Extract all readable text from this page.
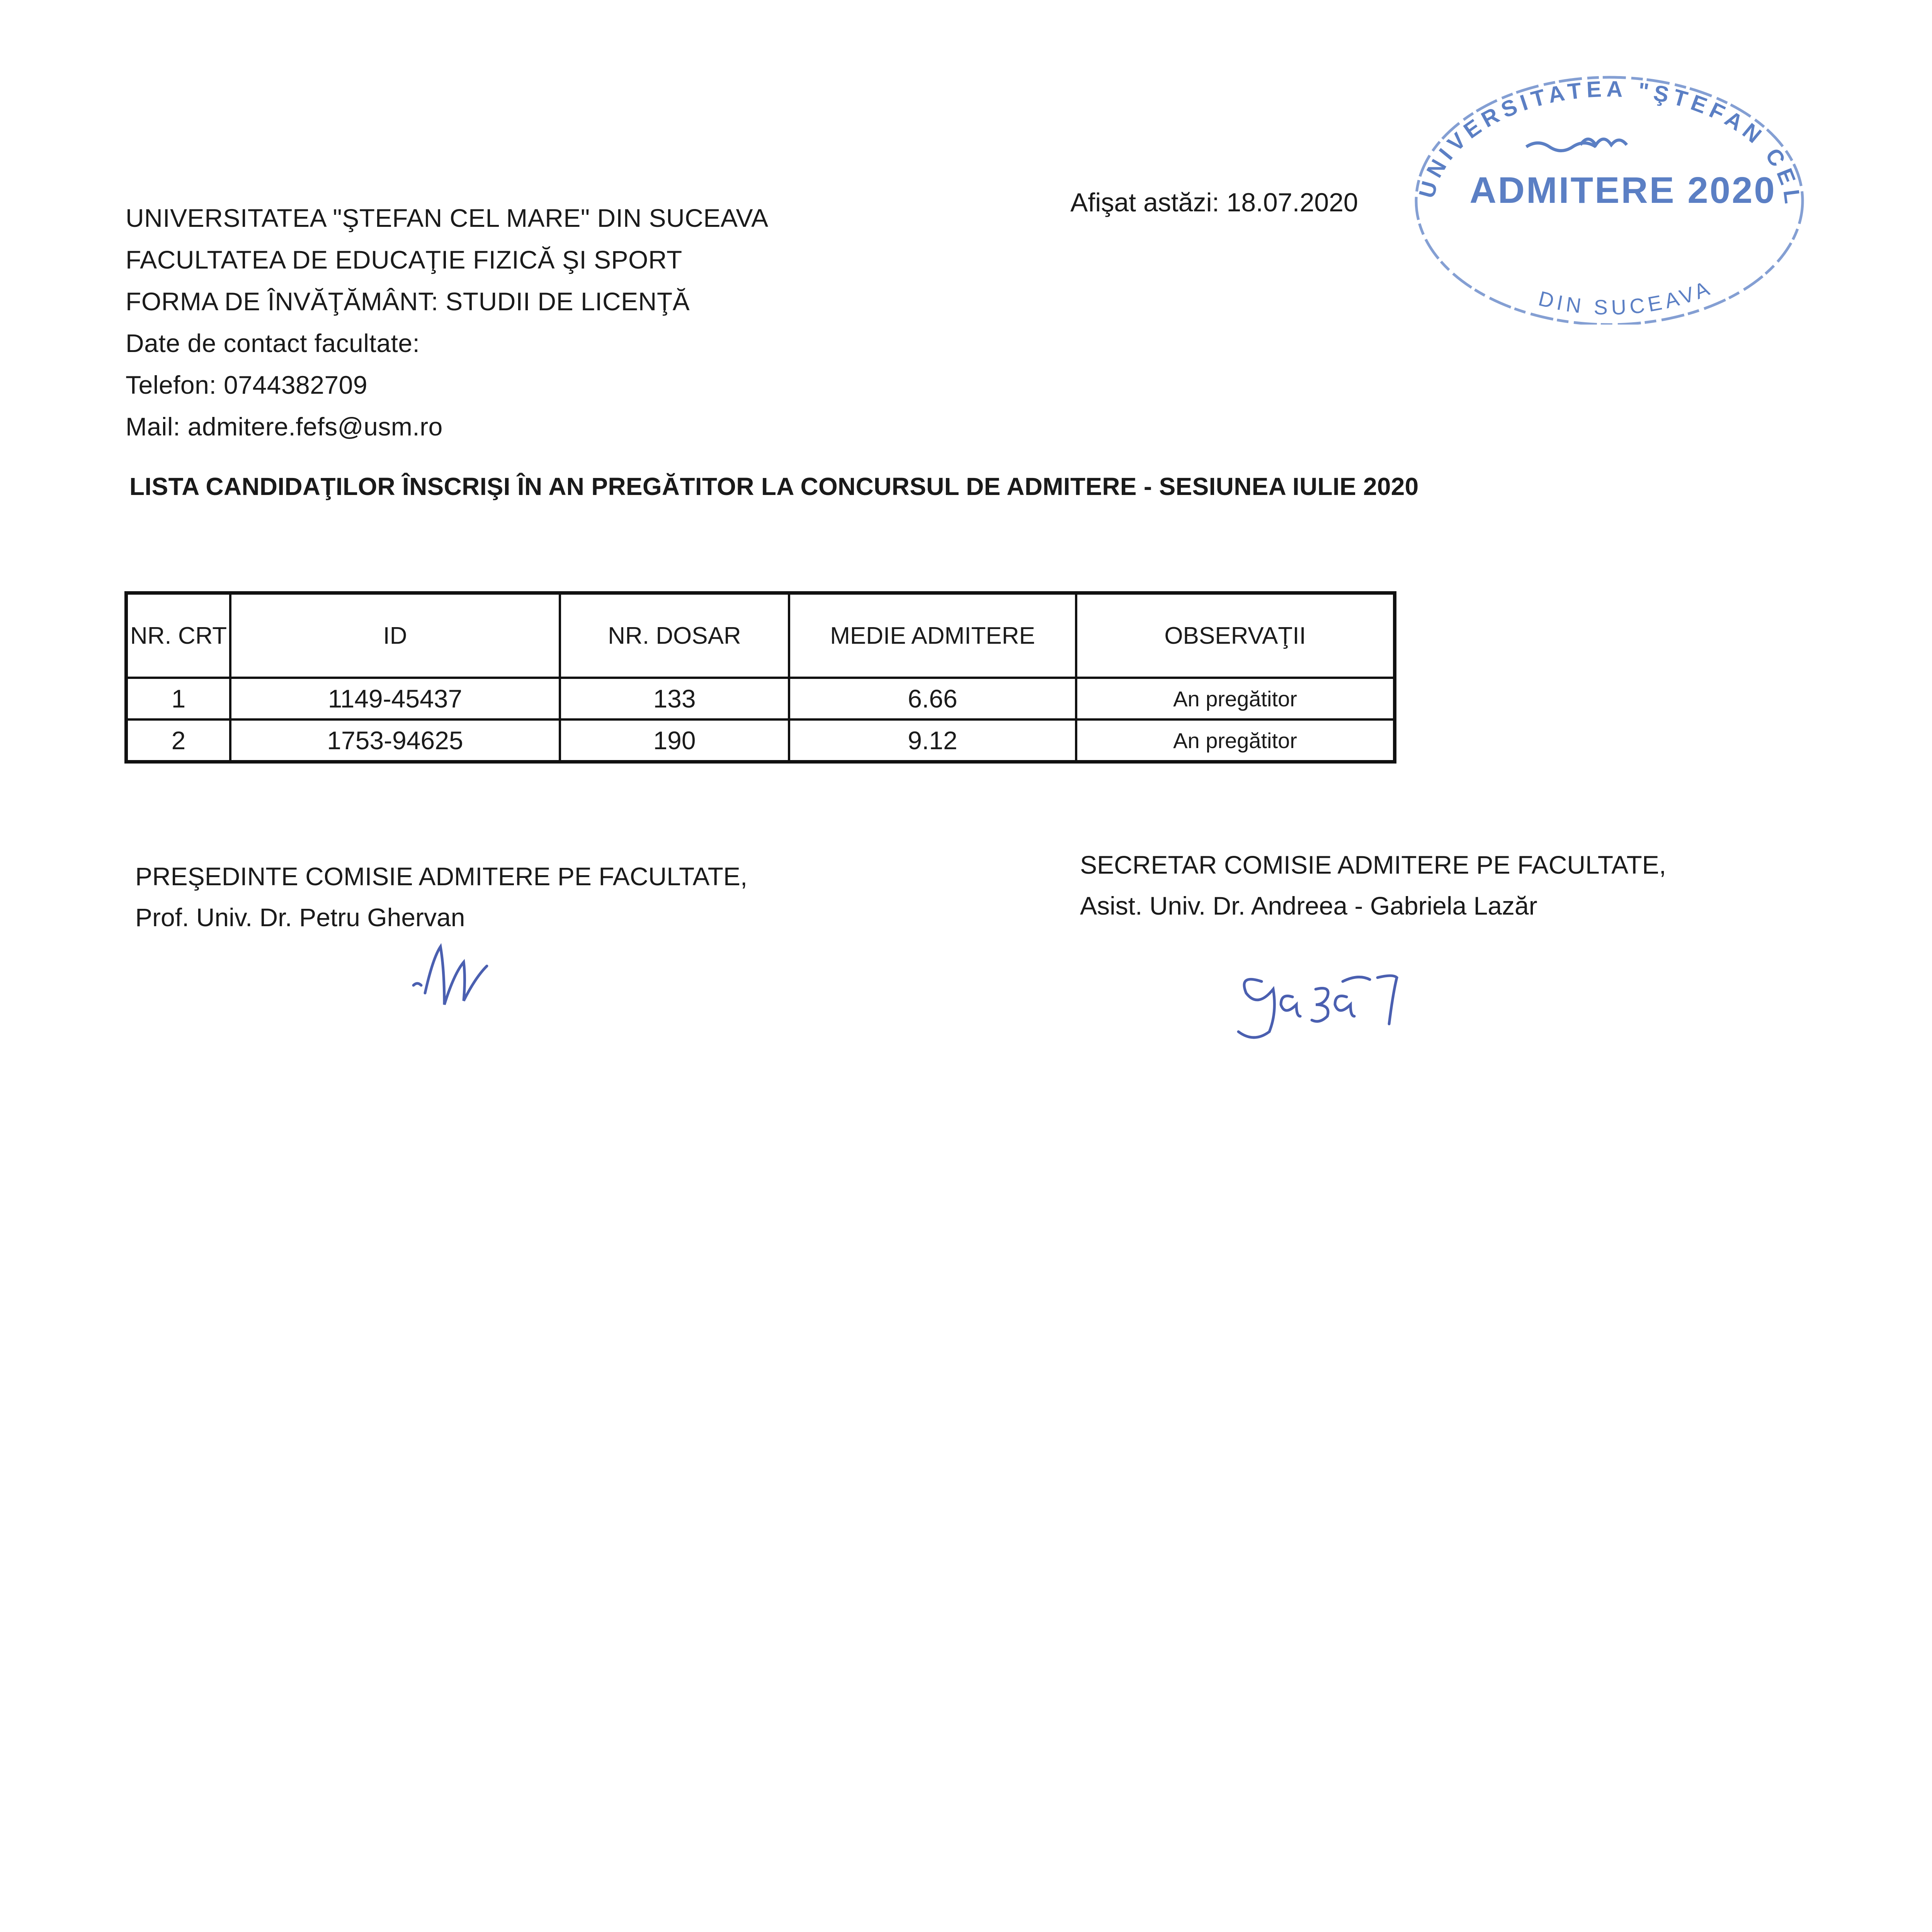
UNIVERSITATEA "ŞTEFAN CEL MARE" DIN SUCEAVA
FACULTATEA DE EDUCAŢIE FIZICĂ ŞI SPORT
FORMA DE ÎNVĂŢĂMÂNT: STUDII DE LICENŢĂ
Date de contact facultate:
Telefon: 0744382709
Mail: admitere.fefs@usm.ro
Afişat astăzi: 18.07.2020
UNIVERSITATEA "ŞTEFAN CEL
DIN SUCEAVA
ADMITERE 2020
LISTA CANDIDAŢILOR ÎNSCRIŞI ÎN AN PREGĂTITOR LA CONCURSUL DE ADMITERE - SESIUNEA IULIE 2020
NR. CRT	ID	NR. DOSAR	MEDIE ADMITERE	OBSERVAŢII
1	1149-45437	133	6.66	An pregătitor
2	1753-94625	190	9.12	An pregătitor
PREŞEDINTE COMISIE ADMITERE PE FACULTATE,
Prof. Univ. Dr. Petru Ghervan
SECRETAR COMISIE ADMITERE PE FACULTATE,
Asist. Univ. Dr. Andreea - Gabriela Lazăr
